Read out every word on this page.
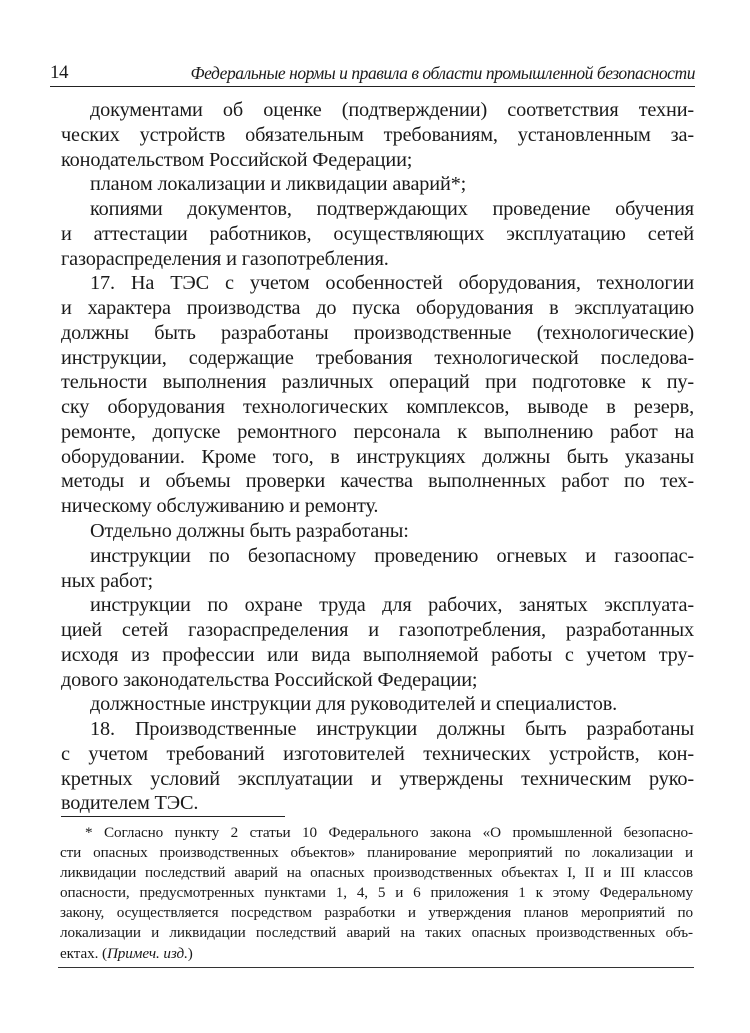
14	Федеральные нормы и правила в области промышленной безопасности
документами об оценке (подтверждении) соответствия техни-
ческих устройств обязательным требованиям, установленным за-
конодательством Российской Федерации;
планом локализации и ликвидации аварий*;
копиями документов, подтверждающих проведение обучения
и аттестации работников, осуществляющих эксплуатацию сетей
газораспределения и газопотребления.
17. На ТЭС с учетом особенностей оборудования, технологии
и характера производства до пуска оборудования в эксплуатацию
должны быть разработаны производственные (технологические)
инструкции, содержащие требования технологической последова-
тельности выполнения различных операций при подготовке к пу-
ску оборудования технологических комплексов, выводе в резерв,
ремонте, допуске ремонтного персонала к выполнению работ на
оборудовании. Кроме того, в инструкциях должны быть указаны
методы и объемы проверки качества выполненных работ по тех-
ническому обслуживанию и ремонту.
Отдельно должны быть разработаны:
инструкции по безопасному проведению огневых и газоопас-
ных работ;
инструкции по охране труда для рабочих, занятых эксплуата-
цией сетей газораспределения и газопотребления, разработанных
исходя из профессии или вида выполняемой работы с учетом тру-
дового законодательства Российской Федерации;
должностные инструкции для руководителей и специалистов.
18. Производственные инструкции должны быть разработаны
с учетом требований изготовителей технических устройств, кон-
кретных условий эксплуатации и утверждены техническим руко-
водителем ТЭС.
* Согласно пункту 2 статьи 10 Федерального закона «О промышленной безопасно-
сти опасных производственных объектов» планирование мероприятий по локализации и
ликвидации последствий аварий на опасных производственных объектах I, II и III классов
опасности, предусмотренных пунктами 1, 4, 5 и 6 приложения 1 к этому Федеральному
закону, осуществляется посредством разработки и утверждения планов мероприятий по
локализации и ликвидации последствий аварий на таких опасных производственных объ-
ектах. (Примеч. изд.)
